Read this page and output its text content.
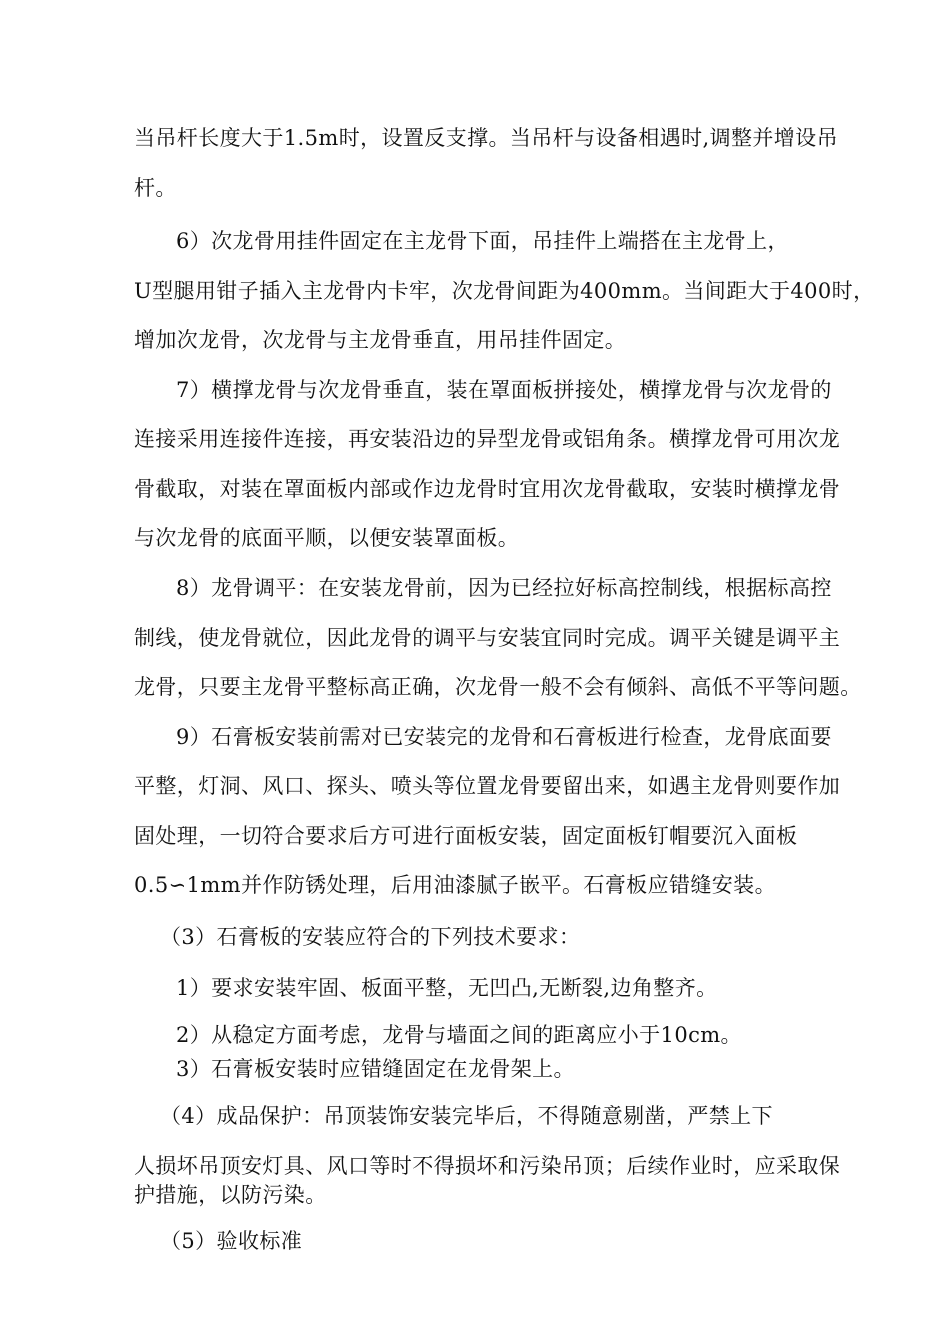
当吊杆长度大于1.5m时，设置反支撑。当吊杆与设备相遇时,调整并增设吊

杆。

6）次龙骨用挂件固定在主龙骨下面，吊挂件上端搭在主龙骨上，

U型腿用钳子插入主龙骨内卡牢，次龙骨间距为400mm。当间距大于400时，

增加次龙骨，次龙骨与主龙骨垂直，用吊挂件固定。

7）横撑龙骨与次龙骨垂直，装在罩面板拼接处，横撑龙骨与次龙骨的

连接采用连接件连接，再安装沿边的异型龙骨或铝角条。横撑龙骨可用次龙

骨截取，对装在罩面板内部或作边龙骨时宜用次龙骨截取，安装时横撑龙骨

与次龙骨的底面平顺，以便安装罩面板。

8）龙骨调平：在安装龙骨前，因为已经拉好标高控制线，根据标高控

制线，使龙骨就位，因此龙骨的调平与安装宜同时完成。调平关键是调平主

龙骨，只要主龙骨平整标高正确，次龙骨一般不会有倾斜、高低不平等问题。

9）石膏板安装前需对已安装完的龙骨和石膏板进行检查，龙骨底面要

平整，灯洞、风口、探头、喷头等位置龙骨要留出来，如遇主龙骨则要作加

固处理，一切符合要求后方可进行面板安装，固定面板钉帽要沉入面板

0.5∽1mm并作防锈处理，后用油漆腻子嵌平。石膏板应错缝安装。

（3）石膏板的安装应符合的下列技术要求：

1）要求安装牢固、板面平整，无凹凸,无断裂,边角整齐。

2）从稳定方面考虑，龙骨与墙面之间的距离应小于10cm。

3）石膏板安装时应错缝固定在龙骨架上。

（4）成品保护：吊顶装饰安装完毕后，不得随意剔凿，严禁上下

人损坏吊顶安灯具、风口等时不得损坏和污染吊顶；后续作业时，应采取保

护措施，以防污染。

（5）验收标准
